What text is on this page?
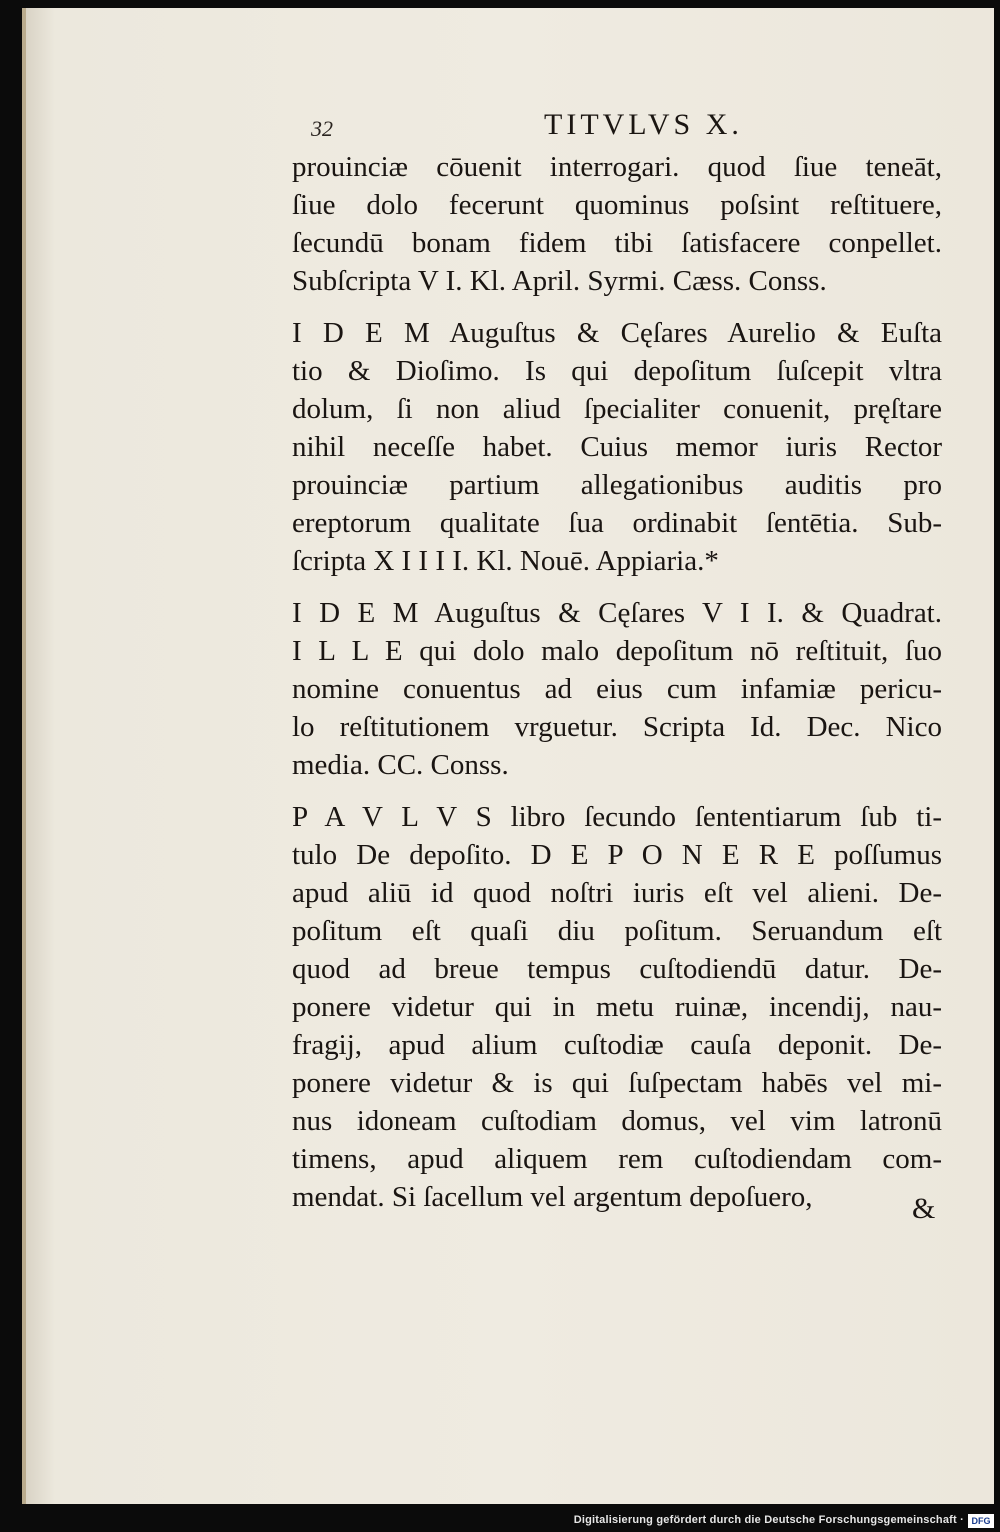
32	TITVLVS X.
prouinciæ cōuenit interrogari. quod ſiue teneāt,
ſiue dolo fecerunt quominus poſsint reſtituere,
ſecundū bonam fidem tibi ſatisfacere conpellet.
Subſcripta V I. Kl. April. Syrmi. Cæss. Conss.
I D E M Auguſtus & Cęſares Aurelio & Euſta
tio & Dioſimo. Is qui depoſitum ſuſcepit vltra
dolum, ſi non aliud ſpecialiter conuenit, pręſtare
nihil neceſſe habet. Cuius memor iuris Rector
prouinciæ partium allegationibus auditis pro
ereptorum qualitate ſua ordinabit ſentētia. Sub-
ſcripta X I I I I. Kl. Nouē. Appiaria.*
I D E M Auguſtus & Cęſares V I I. & Quadrat.
I L L E qui dolo malo depoſitum nō reſtituit, ſuo
nomine conuentus ad eius cum infamiæ pericu-
lo reſtitutionem vrguetur. Scripta Id. Dec. Nico
media. CC. Conss.
P A V L V S libro ſecundo ſententiarum ſub ti-
tulo De depoſito. D E P O N E R E poſſumus
apud aliū id quod noſtri iuris eſt vel alieni. De-
poſitum eſt quaſi diu poſitum. Seruandum eſt
quod ad breue tempus cuſtodiendū datur. De-
ponere videtur qui in metu ruinæ, incendij, nau-
fragij, apud alium cuſtodiæ cauſa deponit. De-
ponere videtur & is qui ſuſpectam habēs vel mi-
nus idoneam cuſtodiam domus, vel vim latronū
timens, apud aliquem rem cuſtodiendam com-
mendat. Si ſacellum vel argentum depoſuero,	&
Digitalisierung gefördert durch die Deutsche Forschungsgemeinschaft · DFG
